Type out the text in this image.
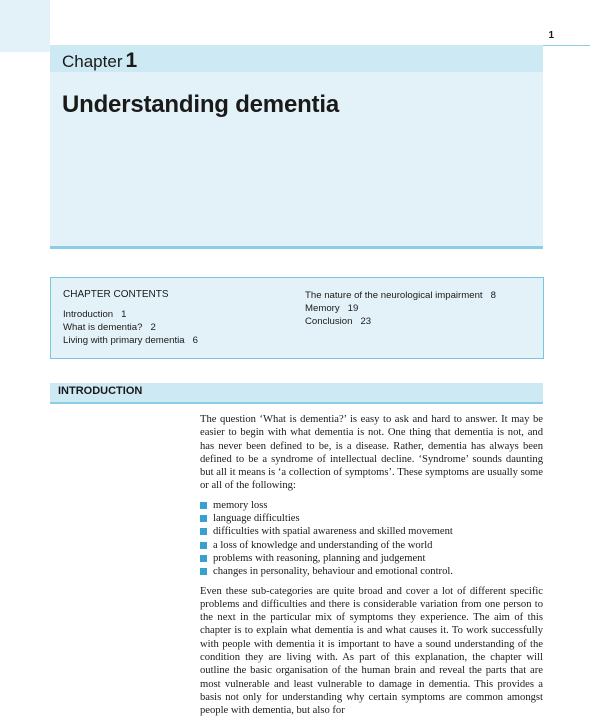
1
Chapter 1
Understanding dementia
CHAPTER CONTENTS
Introduction 1
What is dementia? 2
Living with primary dementia 6
The nature of the neurological impairment 8
Memory 19
Conclusion 23
INTRODUCTION

The question ‘What is dementia?’ is easy to ask and hard to answer. It may be easier to begin with what dementia is not. One thing that dementia is not, and has never been defined to be, is a disease. Rather, dementia has always been defined to be a syndrome of intellectual decline. ‘Syndrome’ sounds daunting but all it means is ‘a collection of symptoms’. These symptoms are usually some or all of the following:

memory loss
language difficulties
difficulties with spatial awareness and skilled movement
a loss of knowledge and understanding of the world
problems with reasoning, planning and judgement
changes in personality, behaviour and emotional control.

Even these sub-categories are quite broad and cover a lot of different specific problems and difficulties and there is considerable variation from one person to the next in the particular mix of symptoms they experience. The aim of this chapter is to explain what dementia is and what causes it. To work successfully with people with dementia it is important to have a sound understanding of the condition they are living with. As part of this explanation, the chapter will outline the basic organisation of the human brain and reveal the parts that are most vulnerable and least vulnerable to damage in dementia. This provides a basis not only for understanding why certain symptoms are common amongst people with dementia, but also for
